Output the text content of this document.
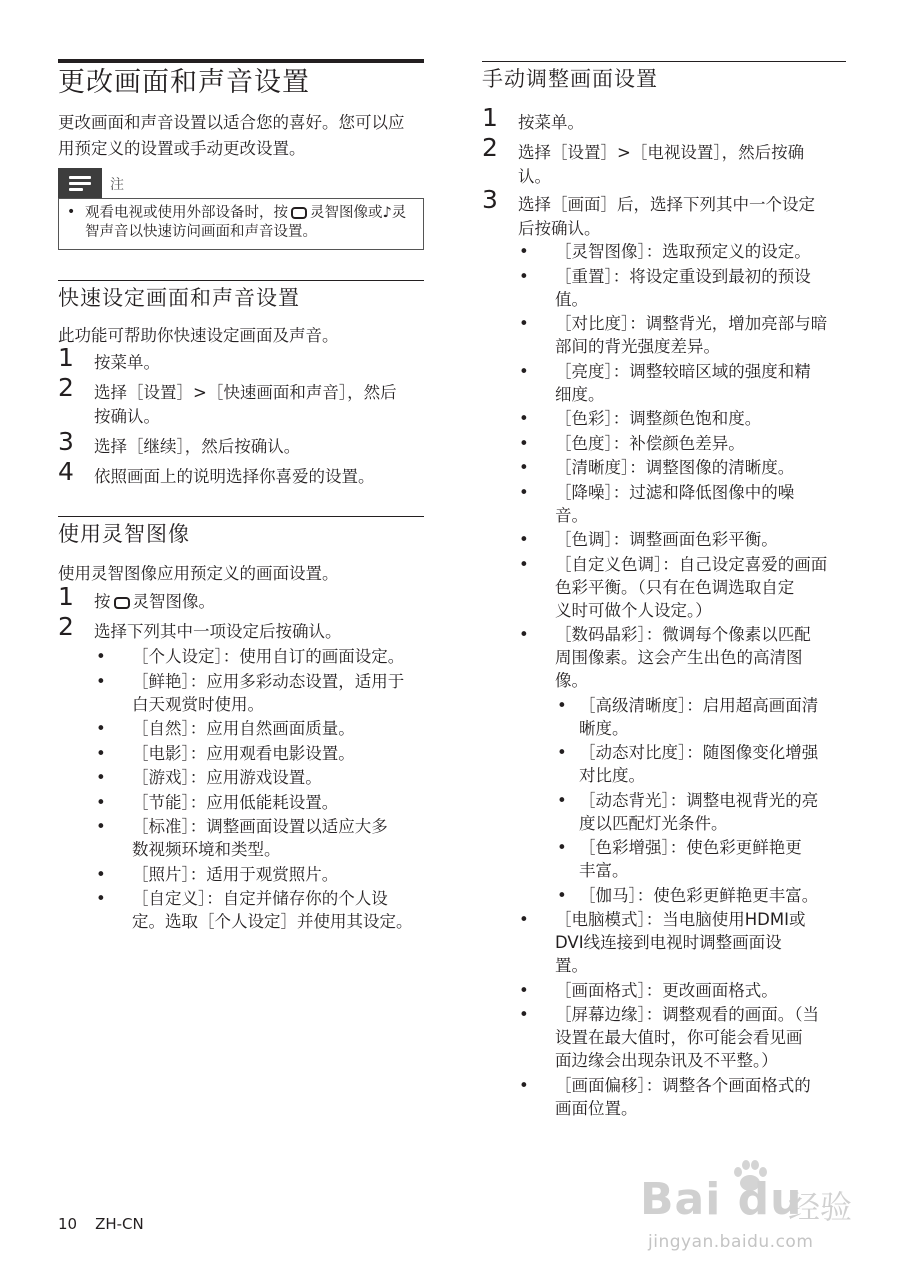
更改画面和声音设置

更改画面和声音设置以适合您的喜好。您可以应用预定义的设置或手动更改设置。

注
• 观看电视或使用外部设备时，按 灵智图像或♪灵智声音以快速访问画面和声音设置。
快速设定画面和声音设置

此功能可帮助你快速设定画面及声音。

1 按菜单。
2 选择［设置］>［快速画面和声音］，然后
按确认。
3 选择［继续］，然后按确认。
4 依照画面上的说明选择你喜爱的设置。
使用灵智图像

使用灵智图像应用预定义的画面设置。

1 按 灵智图像。
2 选择下列其中一项设定后按确认。
• ［个人设定］：使用自订的画面设定。
• ［鲜艳］：应用多彩动态设置，适用于
白天观赏时使用。
• ［自然］：应用自然画面质量。
• ［电影］：应用观看电影设置。
• ［游戏］：应用游戏设置。
• ［节能］：应用低能耗设置。
• ［标准］：调整画面设置以适应大多
数视频环境和类型。
• ［照片］：适用于观赏照片。
• ［自定义］：自定并储存你的个人设
定。选取［个人设定］并使用其设定。
手动调整画面设置
1 按菜单。
2 选择［设置］>［电视设置］，然后按确
认。
3 选择［画面］后，选择下列其中一个设定
后按确认。
• ［灵智图像］：选取预定义的设定。
• ［重置］：将设定重设到最初的预设
值。
• ［对比度］：调整背光，增加亮部与暗
部间的背光强度差异。
• ［亮度］：调整较暗区域的强度和精
细度。
• ［色彩］：调整颜色饱和度。
• ［色度］：补偿颜色差异。
• ［清晰度］：调整图像的清晰度。
• ［降噪］：过滤和降低图像中的噪
音。
• ［色调］：调整画面色彩平衡。
• ［自定义色调］：自己设定喜爱的画面
色彩平衡。（只有在色调选取自定
义时可做个人设定。）
• ［数码晶彩］：微调每个像素以匹配
周围像素。这会产生出色的高清图
像。
• ［高级清晰度］：启用超高画面清
晰度。
• ［动态对比度］：随图像变化增强
对比度。
• ［动态背光］：调整电视背光的亮
度以匹配灯光条件。
• ［色彩增强］：使色彩更鲜艳更
丰富。
• ［伽马］：使色彩更鲜艳更丰富。
• ［电脑模式］：当电脑使用HDMI或
DVI线连接到电视时调整画面设
置。
• ［画面格式］：更改画面格式。
• ［屏幕边缘］：调整观看的画面。（当
设置在最大值时，你可能会看见画
面边缘会出现杂讯及不平整。）
• ［画面偏移］：调整各个画面格式的
画面位置。
10 ZH-CN	Bai du
经验
jingyan.baidu.com
